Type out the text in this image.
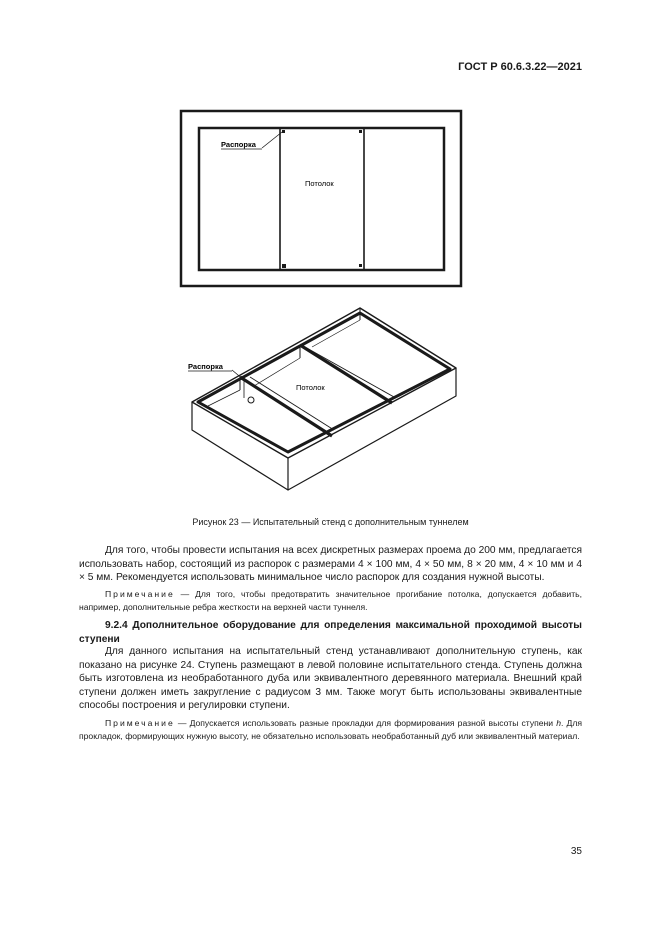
ГОСТ Р 60.6.3.22—2021
Распорка
Потолок
Распорка
Потолок
Рисунок 23 — Испытательный стенд с дополнительным туннелем
Для того, чтобы провести испытания на всех дискретных размерах проема до 200 мм, предлагается использовать набор, состоящий из распорок с размерами 4 × 100 мм, 4 × 50 мм, 8 × 20 мм, 4 × 10 мм и 4 × 5 мм. Рекомендуется использовать минимальное число распорок для создания нужной высоты.
Примечание — Для того, чтобы предотвратить значительное прогибание потолка, допускается добавить, например, дополнительные ребра жесткости на верхней части туннеля.
9.2.4 Дополнительное оборудование для определения максимальной проходимой высоты ступени
Для данного испытания на испытательный стенд устанавливают дополнительную ступень, как показано на рисунке 24. Ступень размещают в левой половине испытательного стенда. Ступень должна быть изготовлена из необработанного дуба или эквивалентного деревянного материала. Внешний край ступени должен иметь закругление с радиусом 3 мм. Также могут быть использованы эквивалентные способы построения и регулировки ступени.
Примечание — Допускается использовать разные прокладки для формирования разной высоты ступени h. Для прокладок, формирующих нужную высоту, не обязательно использовать необработанный дуб или эквивалентный материал.
35
